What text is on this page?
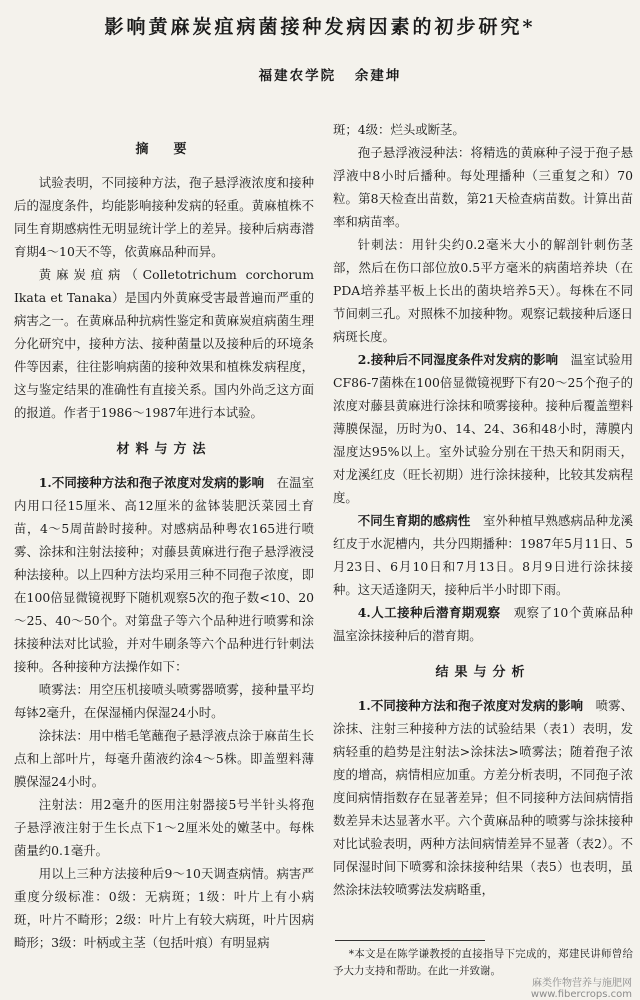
影响黄麻炭疽病菌接种发病因素的初步研究*
福建农学院 余建坤
摘　要

试验表明，不同接种方法，孢子悬浮液浓度和接种后的湿度条件，均能影响接种发病的轻重。黄麻植株不同生育期感病性无明显统计学上的差异。接种后病毒潜育期4～10天不等，依黄麻品种而异。

黄麻炭疽病（Colletotrichum corchorum Ikata et Tanaka）是国内外黄麻受害最普遍而严重的病害之一。在黄麻品种抗病性鉴定和黄麻炭疽病菌生理分化研究中，接种方法、接种菌量以及接种后的环境条件等因素，往往影响病菌的接种效果和植株发病程度，这与鉴定结果的准确性有直接关系。国内外尚乏这方面的报道。作者于1986～1987年进行本试验。

材料与方法

1.不同接种方法和孢子浓度对发病的影响　 在温室内用口径15厘米、高12厘米的盆钵装肥沃菜园土育苗，4～5周苗龄时接种。对感病品种粤农165进行喷雾、涂抹和注射法接种；对藤县黄麻进行孢子悬浮液浸种法接种。以上四种方法均采用三种不同孢子浓度，即在100倍显微镜视野下随机观察5次的孢子数<10、20～25、40～50个。对第盘子等六个品种进行喷雾和涂抹接种法对比试验，并对牛刷条等六个品种进行针刺法接种。各种接种方法操作如下：

喷雾法：用空压机接喷头喷雾器喷雾，接种量平均每钵2毫升，在保湿桶内保湿24小时。

涂抹法：用中楷毛笔蘸孢子悬浮液点涂于麻苗生长点和上部叶片，每毫升菌液约涂4～5株。即盖塑料薄膜保湿24小时。

注射法：用2毫升的医用注射器接5号半针头将孢子悬浮液注射于生长点下1～2厘米处的嫩茎中。每株菌量约0.1毫升。

用以上三种方法接种后9～10天调查病情。病害严重度分级标准：0级：无病斑；1级：叶片上有小病斑，叶片不畸形；2级：叶片上有较大病斑，叶片因病畸形；3级：叶柄或主茎（包括叶痕）有明显病

斑；4级：烂头或断茎。

孢子悬浮液浸种法：将精选的黄麻种子浸于孢子悬浮液中8小时后播种。每处理播种（三重复之和）70粒。第8天检查出苗数，第21天检查病苗数。计算出苗率和病苗率。

针刺法：用针尖约0.2毫米大小的解剖针刺伤茎部，然后在伤口部位放0.5平方毫米的病菌培养块（在PDA培养基平板上长出的菌块培养5天）。每株在不同节间刺三孔。对照株不加接种物。观察记载接种后逐日病斑长度。

2.接种后不同湿度条件对发病的影响　 温室试验用CF86-7菌株在100倍显微镜视野下有20～25个孢子的浓度对藤县黄麻进行涂抹和喷雾接种。接种后覆盖塑料薄膜保湿，历时为0、14、24、36和48小时，薄膜内湿度达95%以上。室外试验分别在干热天和阴雨天，对龙溪红皮（旺长初期）进行涂抹接种，比较其发病程度。

不同生育期的感病性　 室外种植早熟感病品种龙溪红皮于水泥槽内，共分四期播种：1987年5月11日、5月23日、6月10日和7月13日。8月9日进行涂抹接种。这天适逢阴天，接种后半小时即下雨。

4.人工接种后潜育期观察　 观察了10个黄麻品种温室涂抹接种后的潜育期。

结果与分析

1.不同接种方法和孢子浓度对发病的影响　 喷雾、涂抹、注射三种接种方法的试验结果（表1）表明，发病轻重的趋势是注射法>涂抹法>喷雾法；随着孢子浓度的增高，病情相应加重。方差分析表明，不同孢子浓度间病情指数存在显著差异；但不同接种方法间病情指数差异未达显著水平。六个黄麻品种的喷雾与涂抹接种对比试验表明，两种方法间病情差异不显著（表2）。不同保湿时间下喷雾和涂抹接种结果（表5）也表明，虽然涂抹法较喷雾法发病略重，

*本文是在陈学谦教授的直接指导下完成的，郑建民讲师曾给予大力支持和帮助。在此一并致谢。
麻类作物营养与施肥网
www.fibercrops.com
